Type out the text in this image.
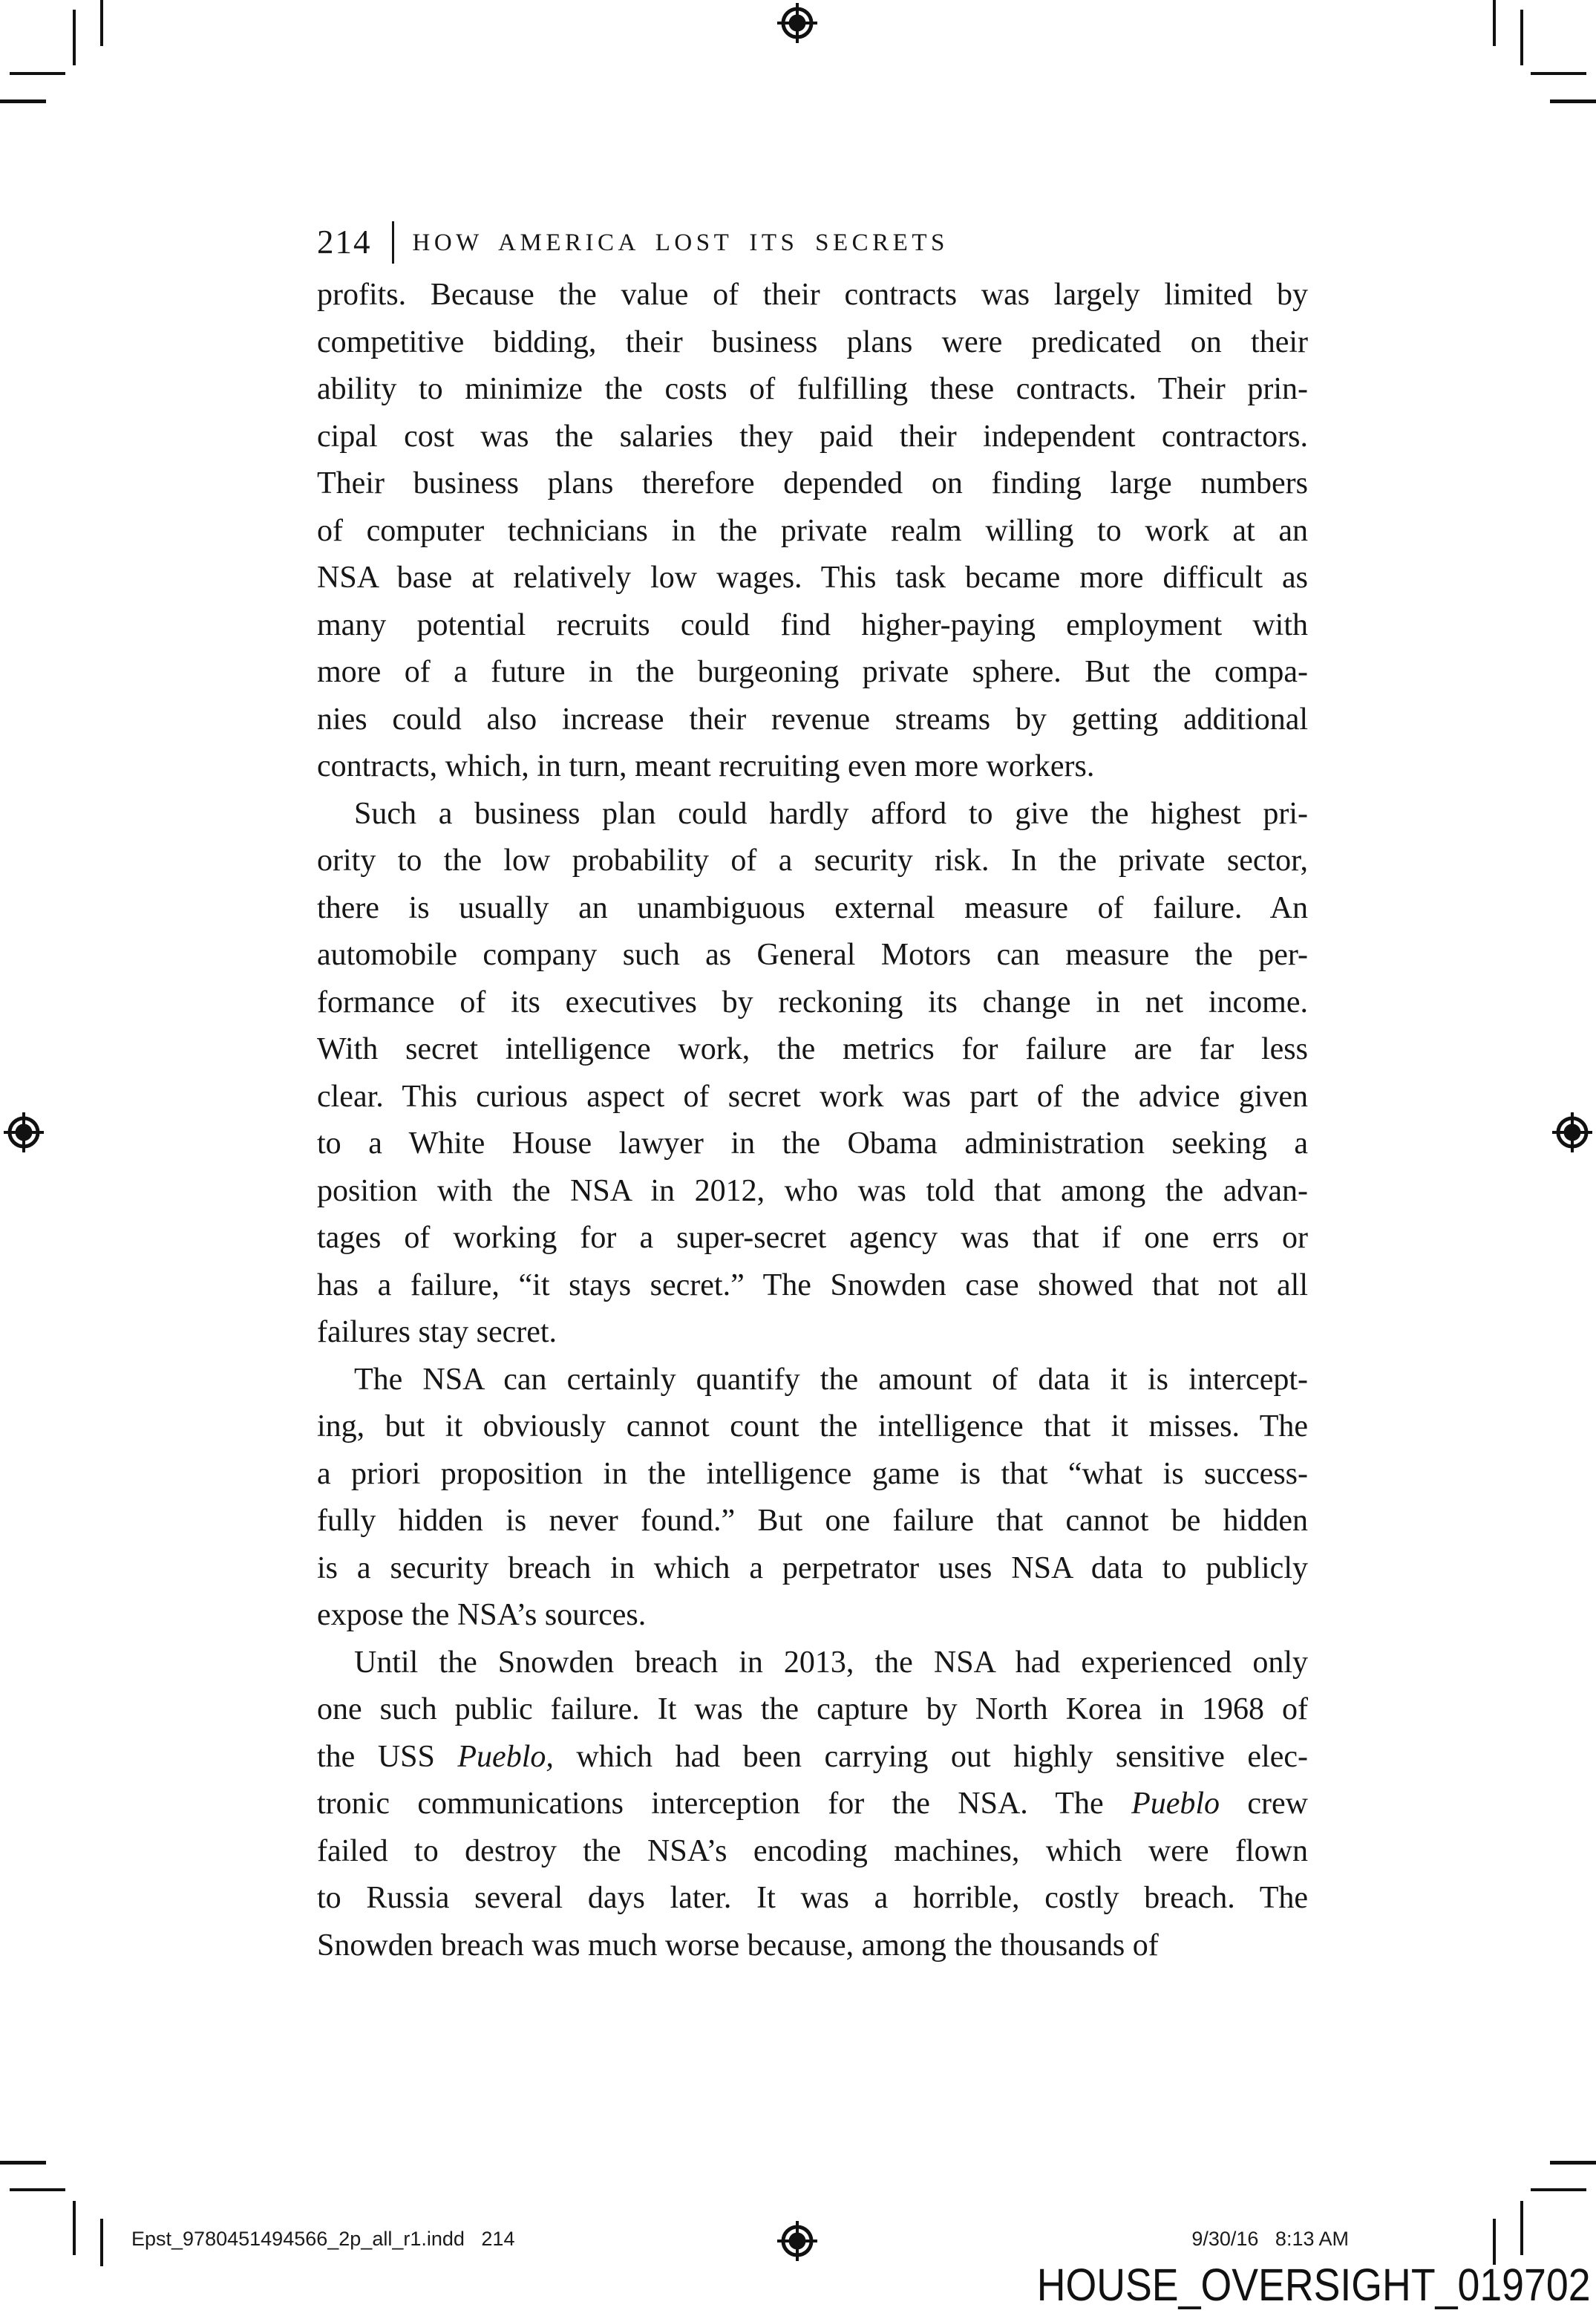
214 HOW AMERICA LOST ITS SECRETS
profits. Because the value of their contracts was largely limited by
competitive bidding, their business plans were predicated on their
ability to minimize the costs of fulfilling these contracts. Their prin-
cipal cost was the salaries they paid their independent contractors.
Their business plans therefore depended on finding large numbers
of computer technicians in the private realm willing to work at an
NSA base at relatively low wages. This task became more difficult as
many potential recruits could find higher-paying employment with
more of a future in the burgeoning private sphere. But the compa-
nies could also increase their revenue streams by getting additional
contracts, which, in turn, meant recruiting even more workers.
Such a business plan could hardly afford to give the highest pri-
ority to the low probability of a security risk. In the private sector,
there is usually an unambiguous external measure of failure. An
automobile company such as General Motors can measure the per-
formance of its executives by reckoning its change in net income.
With secret intelligence work, the metrics for failure are far less
clear. This curious aspect of secret work was part of the advice given
to a White House lawyer in the Obama administration seeking a
position with the NSA in 2012, who was told that among the advan-
tages of working for a super-secret agency was that if one errs or
has a failure, “it stays secret.” The Snowden case showed that not all
failures stay secret.
The NSA can certainly quantify the amount of data it is intercept-
ing, but it obviously cannot count the intelligence that it misses. The
a priori proposition in the intelligence game is that “what is success-
fully hidden is never found.” But one failure that cannot be hidden
is a security breach in which a perpetrator uses NSA data to publicly
expose the NSA’s sources.
Until the Snowden breach in 2013, the NSA had experienced only
one such public failure. It was the capture by North Korea in 1968 of
the USS Pueblo, which had been carrying out highly sensitive elec-
tronic communications interception for the NSA. The Pueblo crew
failed to destroy the NSA’s encoding machines, which were flown
to Russia several days later. It was a horrible, costly breach. The
Snowden breach was much worse because, among the thousands of
Epst_9780451494566_2p_all_r1.indd   214	9/30/16   8:13 AM
HOUSE_OVERSIGHT_019702
